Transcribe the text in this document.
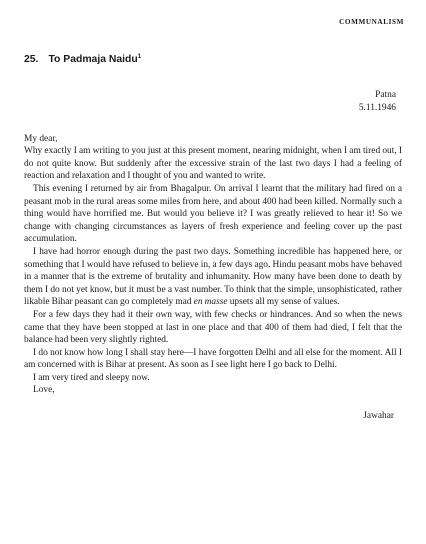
COMMUNALISM
25. To Padmaja Naidu$^1$
Patna
5.11.1946
My dear,

Why exactly I am writing to you just at this present moment, nearing midnight, when I am tired out, I do not quite know. But suddenly after the excessive strain of the last two days I had a feeling of reaction and relaxation and I thought of you and wanted to write.

This evening I returned by air from Bhagalpur. On arrival I learnt that the military had fired on a peasant mob in the rural areas some miles from here, and about 400 had been killed. Normally such a thing would have horrified me. But would you believe it? I was greatly relieved to hear it! So we change with changing circumstances as layers of fresh experience and feeling cover up the past accumulation.

I have had horror enough during the past two days. Something incredible has happened here, or something that I would have refused to believe in, a few days ago. Hindu peasant mobs have behaved in a manner that is the extreme of brutality and inhumanity. How many have been done to death by them I do not yet know, but it must be a vast number. To think that the simple, unsophisticated, rather likable Bihar peasant can go completely mad en masse upsets all my sense of values.

For a few days they had it their own way, with few checks or hindrances. And so when the news came that they have been stopped at last in one place and that 400 of them had died, I felt that the balance had been very slightly righted.

I do not know how long I shall stay here—I have forgotten Delhi and all else for the moment. All I am concerned with is Bihar at present. As soon as I see light here I go back to Delhi.

I am very tired and sleepy now.

Love,

Jawahar
